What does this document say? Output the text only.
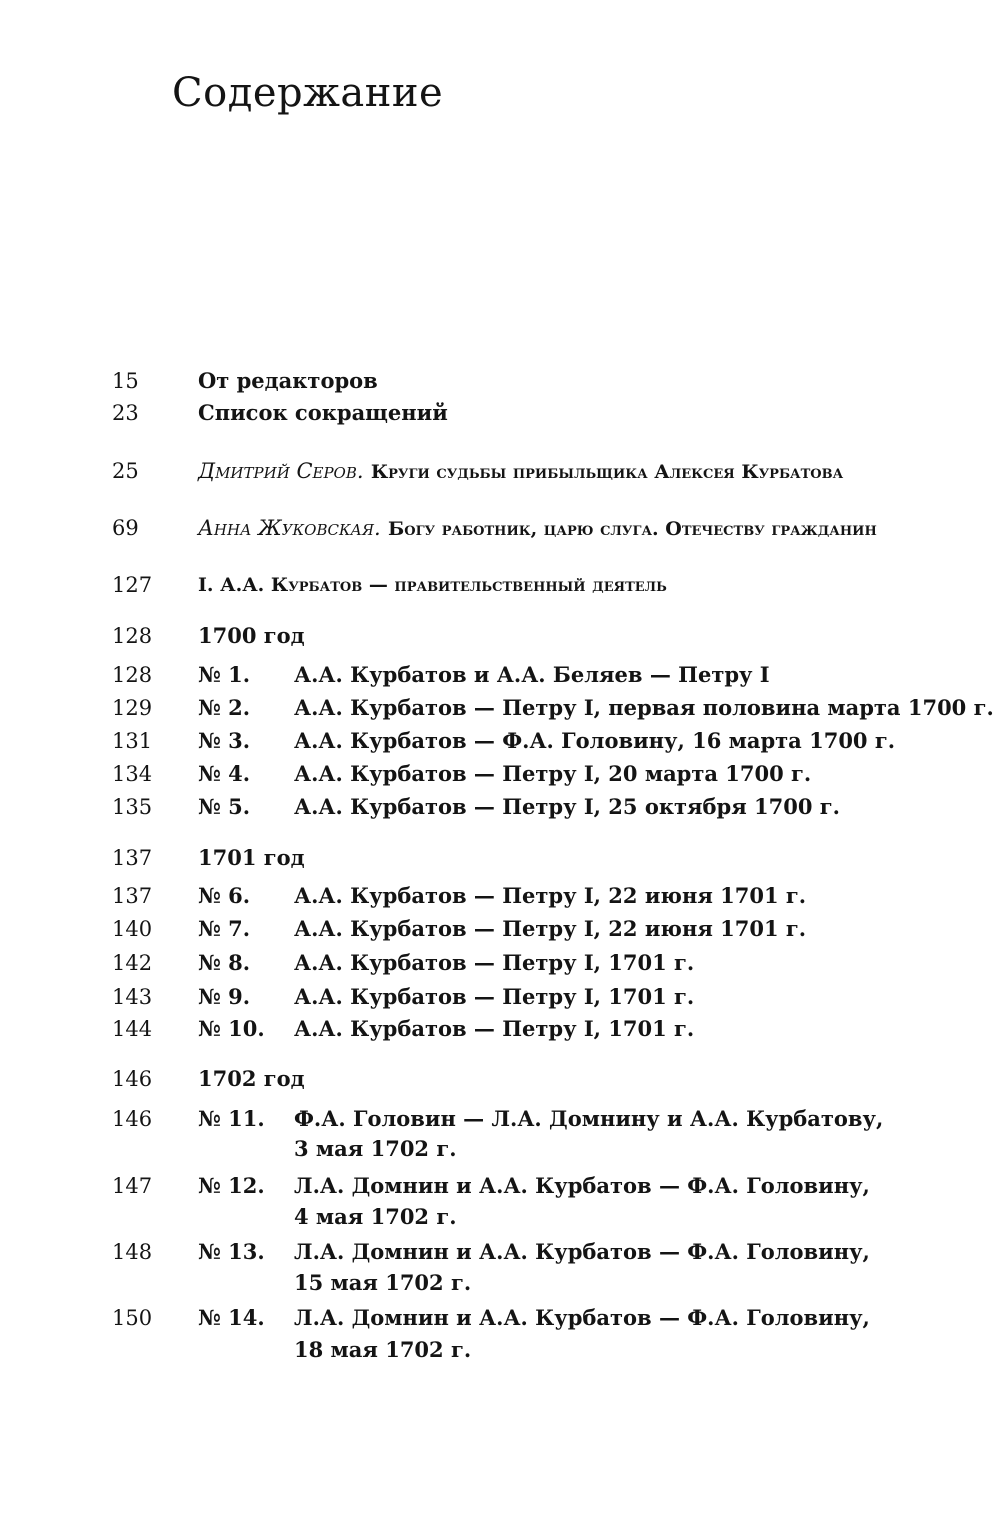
Содержание
15	От редакторов
23	Список сокращений
25	Дмитрий Серов. Круги судьбы прибыльщика Алексея Курбатова
69	Анна Жуковская. Богу работник, царю слуга. Отечеству гражданин
127 I. А.А. Курбатов — правительственный деятель
128 1700 год
128 № 1. А.А. Курбатов и А.А. Беляев — Петру I
129 № 2. А.А. Курбатов — Петру I, первая половина марта 1700 г.
131 № 3. А.А. Курбатов — Ф.А. Головину, 16 марта 1700 г.
134 № 4. А.А. Курбатов — Петру I, 20 марта 1700 г.
135 № 5. А.А. Курбатов — Петру I, 25 октября 1700 г.
137 1701 год
137 № 6. А.А. Курбатов — Петру I, 22 июня 1701 г.
140 № 7. А.А. Курбатов — Петру I, 22 июня 1701 г.
142 № 8. А.А. Курбатов — Петру I, 1701 г.
143 № 9. А.А. Курбатов — Петру I, 1701 г.
144 № 10. А.А. Курбатов — Петру I, 1701 г.
146 1702 год
146 № 11. Ф.А. Головин — Л.А. Домнину и А.А. Курбатову,
3 мая 1702 г.
147 № 12. Л.А. Домнин и А.А. Курбатов — Ф.А. Головину,
4 мая 1702 г.
148 № 13. Л.А. Домнин и А.А. Курбатов — Ф.А. Головину,
15 мая 1702 г.
150 № 14. Л.А. Домнин и А.А. Курбатов — Ф.А. Головину,
18 мая 1702 г.
